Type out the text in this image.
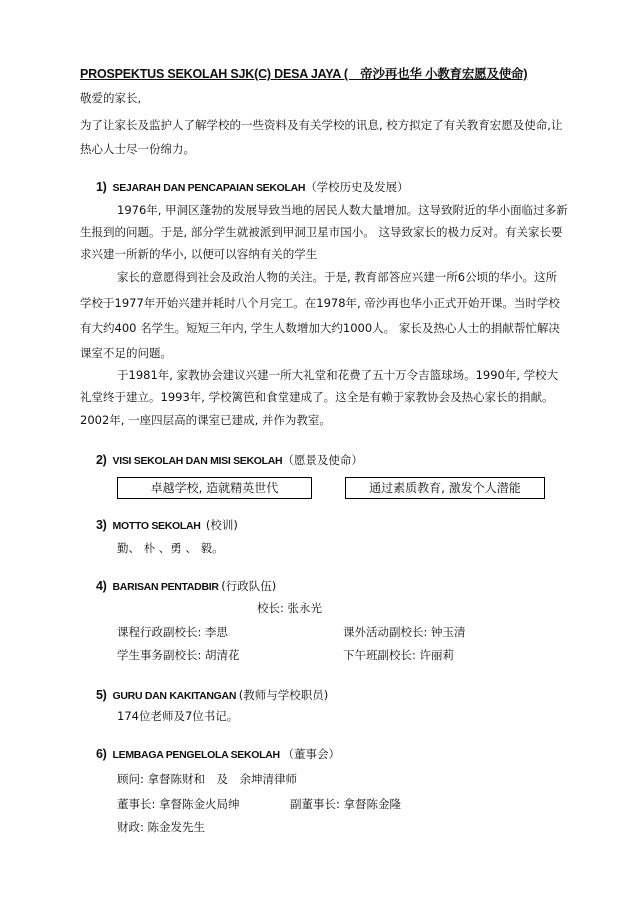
PROSPEKTUS SEKOLAH SJK(C) DESA JAYA (　帝沙再也华 小教育宏愿及使命)
敬爱的家长,
为了让家长及监护人了解学校的一些资料及有关学校的讯息, 校方拟定了有关教育宏愿及使命,让
热心人士尽一份绵力。
1) SEJARAH DAN PENCAPAIAN SEKOLAH（学校历史及发展）
1976年, 甲洞区蓬勃的发展导致当地的居民人数大量增加。这导致附近的华小面临过多新
生报到的问题。于是, 部分学生就被派到甲洞卫星市国小。 这导致家长的极力反对。有关家长要
求兴建一所新的华小, 以便可以容纳有关的学生
家长的意愿得到社会及政治人物的关注。于是, 教育部答应兴建一所6公顷的华小。这所
学校于1977年开始兴建并耗时八个月完工。在1978年, 帝沙再也华小正式开始开课。当时学校
有大约400 名学生。短短三年内, 学生人数增加大约1000人。 家长及热心人士的捐献帮忙解决
课室不足的问题。
于1981年, 家教协会建议兴建一所大礼堂和花费了五十万令吉篮球场。1990年, 学校大
礼堂终于建立。1993年, 学校篱笆和食堂建成了。这全是有赖于家教协会及热心家长的捐献。
2002年, 一座四层高的课室已建成, 并作为教室。
2) VISI SEKOLAH DAN MISI SEKOLAH（愿景及使命）
卓越学校, 造就精英世代	通过素质教育, 激发个人潜能
3) MOTTO SEKOLAH (校训)
勤、 朴 、勇 、 毅。
4) BARISAN PENTADBIR (行政队伍)
校长: 张永光
课程行政副校长: 李思	课外活动副校长: 钟玉清
学生事务副校长: 胡清花	下午班副校长: 许丽莉
5) GURU DAN KAKITANGAN (教师与学校职员)
174位老师及7位书记。
6) LEMBAGA PENGELOLA SEKOLAH （董事会）
顾问: 拿督陈财和　及　余坤清律师
董事长: 拿督陈金火局绅	副董事长: 拿督陈金隆
财政: 陈金发先生
